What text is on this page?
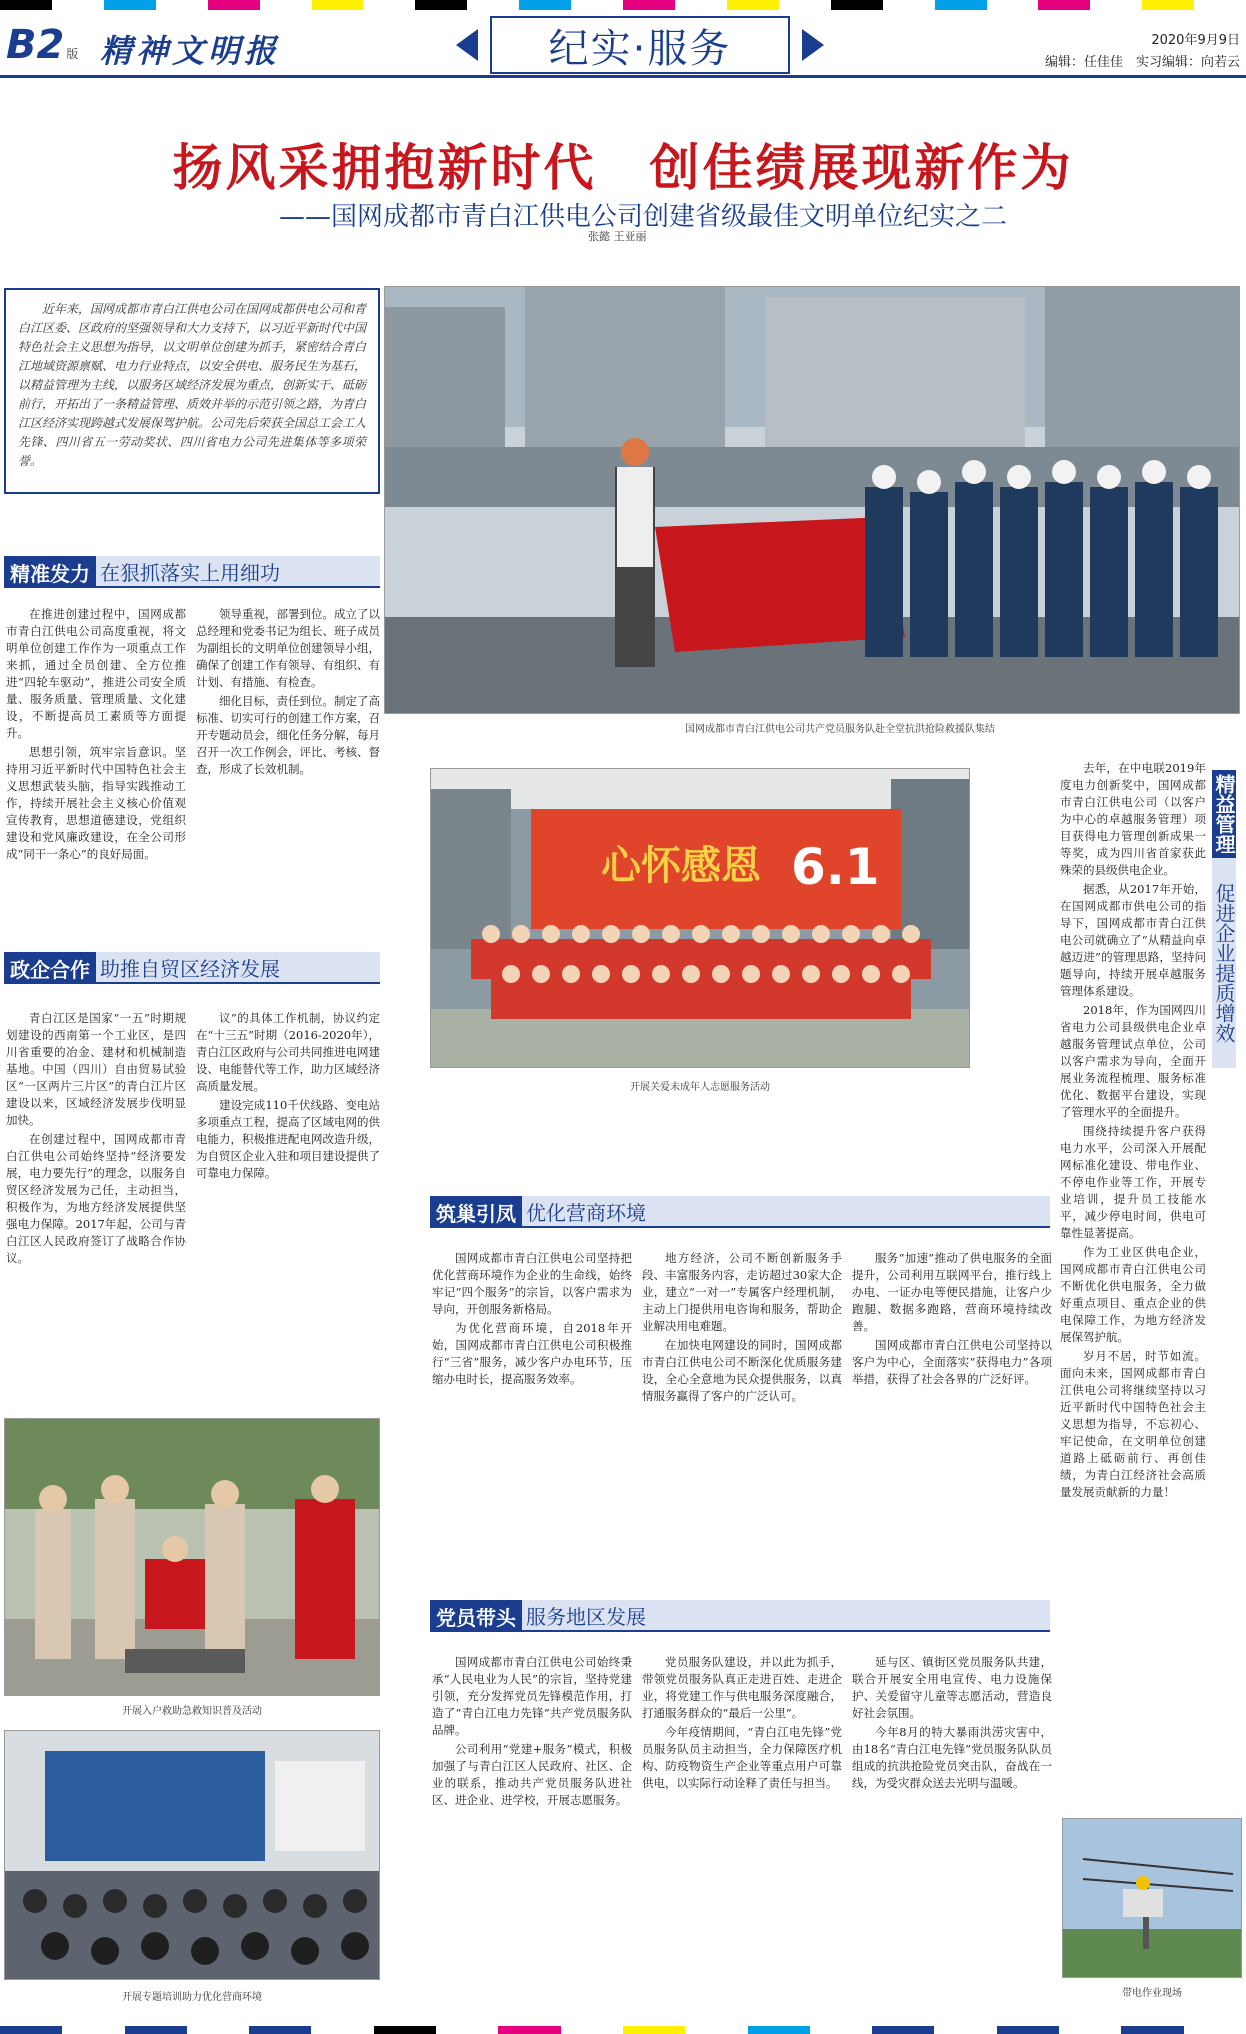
B2 版 精神文明报	纪实·服务	2020年9月9日
编辑：任佳佳　实习编辑：向若云
扬风采拥抱新时代　创佳绩展现新作为
——国网成都市青白江供电公司创建省级最佳文明单位纪实之二
张懿 王亚丽

近年来，国网成都市青白江供电公司在国网成都供电公司和青白江区委、区政府的坚强领导和大力支持下，以习近平新时代中国特色社会主义思想为指导，以文明单位创建为抓手，紧密结合青白江地域资源禀赋、电力行业特点，以安全供电、服务民生为基石，以精益管理为主线，以服务区域经济发展为重点，创新实干、砥砺前行，开拓出了一条精益管理、质效并举的示范引领之路，为青白江区经济实现跨越式发展保驾护航。公司先后荣获全国总工会工人先锋、四川省五一劳动奖状、四川省电力公司先进集体等多项荣誉。

国网成都市青白江供电公司共产党员服务队赴全堂抗洪抢险救援队集结
精准发力 在狠抓落实上用细功

在推进创建过程中，国网成都市青白江供电公司高度重视，将文明单位创建工作作为一项重点工作来抓，通过全员创建、全方位推进“四轮车驱动”，推进公司安全质量、服务质量、管理质量、文化建设，不断提高员工素质等方面提升。

思想引领，筑牢宗旨意识。坚持用习近平新时代中国特色社会主义思想武装头脑，指导实践推动工作，持续开展社会主义核心价值观宣传教育，思想道德建设，党组织建设和党风廉政建设，在全公司形成“同干一条心”的良好局面。

领导重视，部署到位。成立了以总经理和党委书记为组长、班子成员为副组长的文明单位创建领导小组，确保了创建工作有领导、有组织、有计划、有措施、有检查。

细化目标，责任到位。制定了高标准、切实可行的创建工作方案，召开专题动员会，细化任务分解，每月召开一次工作例会，评比、考核、督查，形成了长效机制。

政企合作 助推自贸区经济发展

青白江区是国家“一五”时期规划建设的西南第一个工业区，是四川省重要的冶金、建材和机械制造基地。中国（四川）自由贸易试验区“一区两片三片区”的青白江片区建设以来，区域经济发展步伐明显加快。

在创建过程中，国网成都市青白江供电公司始终坚持“经济要发展，电力要先行”的理念，以服务自贸区经济发展为己任，主动担当，积极作为，为地方经济发展提供坚强电力保障。2017年起，公司与青白江区人民政府签订了战略合作协议。

议”的具体工作机制，协议约定在“十三五”时期（2016-2020年），青白江区政府与公司共同推进电网建设、电能替代等工作，助力区域经济高质量发展。

建设完成110千伏线路、变电站多项重点工程，提高了区域电网的供电能力，积极推进配电网改造升级，为自贸区企业入驻和项目建设提供了可靠电力保障。

开展入户救助急救知识普及活动
开展专题培训助力优化营商环境
心怀感恩 6.1
开展关爱未成年人志愿服务活动
精益管理
促进企业提质增效

去年，在中电联2019年度电力创新奖中，国网成都市青白江供电公司（以客户为中心的卓越服务管理）项目获得电力管理创新成果一等奖，成为四川省首家获此殊荣的县级供电企业。

据悉，从2017年开始，在国网成都市供电公司的指导下，国网成都市青白江供电公司就确立了“从精益向卓越迈进”的管理思路，坚持问题导向，持续开展卓越服务管理体系建设。

2018年，作为国网四川省电力公司县级供电企业卓越服务管理试点单位，公司以客户需求为导向，全面开展业务流程梳理、服务标准优化、数据平台建设，实现了管理水平的全面提升。

围绕持续提升客户获得电力水平，公司深入开展配网标准化建设、带电作业、不停电作业等工作，开展专业培训，提升员工技能水平，减少停电时间，供电可靠性显著提高。

作为工业区供电企业，国网成都市青白江供电公司不断优化供电服务，全力做好重点项目、重点企业的供电保障工作，为地方经济发展保驾护航。

岁月不居，时节如流。面向未来，国网成都市青白江供电公司将继续坚持以习近平新时代中国特色社会主义思想为指导，不忘初心、牢记使命，在文明单位创建道路上砥砺前行、再创佳绩，为青白江经济社会高质量发展贡献新的力量！

筑巢引凤 优化营商环境

国网成都市青白江供电公司坚持把优化营商环境作为企业的生命线，始终牢记“四个服务”的宗旨，以客户需求为导向，开创服务新格局。

为优化营商环境，自2018年开始，国网成都市青白江供电公司积极推行“三省”服务，减少客户办电环节，压缩办电时长，提高服务效率。

地方经济，公司不断创新服务手段、丰富服务内容，走访超过30家大企业，建立“一对一”专属客户经理机制，主动上门提供用电咨询和服务，帮助企业解决用电难题。

在加快电网建设的同时，国网成都市青白江供电公司不断深化优质服务建设，全心全意地为民众提供服务，以真情服务赢得了客户的广泛认可。

服务“加速”推动了供电服务的全面提升，公司利用互联网平台，推行线上办电、一证办电等便民措施，让客户少跑腿、数据多跑路，营商环境持续改善。

国网成都市青白江供电公司坚持以客户为中心，全面落实“获得电力”各项举措，获得了社会各界的广泛好评。

党员带头 服务地区发展

国网成都市青白江供电公司始终秉承“人民电业为人民”的宗旨，坚持党建引领，充分发挥党员先锋模范作用，打造了“青白江电力先锋”共产党员服务队品牌。

公司利用“党建+服务”模式，积极加强了与青白江区人民政府、社区、企业的联系，推动共产党员服务队进社区、进企业、进学校，开展志愿服务。

党员服务队建设，并以此为抓手，带领党员服务队真正走进百姓、走进企业，将党建工作与供电服务深度融合，打通服务群众的“最后一公里”。

今年疫情期间，“青白江电先锋”党员服务队员主动担当，全力保障医疗机构、防疫物资生产企业等重点用户可靠供电，以实际行动诠释了责任与担当。

延与区、镇街区党员服务队共建，联合开展安全用电宣传、电力设施保护、关爱留守儿童等志愿活动，营造良好社会氛围。

今年8月的特大暴雨洪涝灾害中，由18名“青白江电先锋”党员服务队队员组成的抗洪抢险党员突击队，奋战在一线，为受灾群众送去光明与温暖。

带电作业现场
